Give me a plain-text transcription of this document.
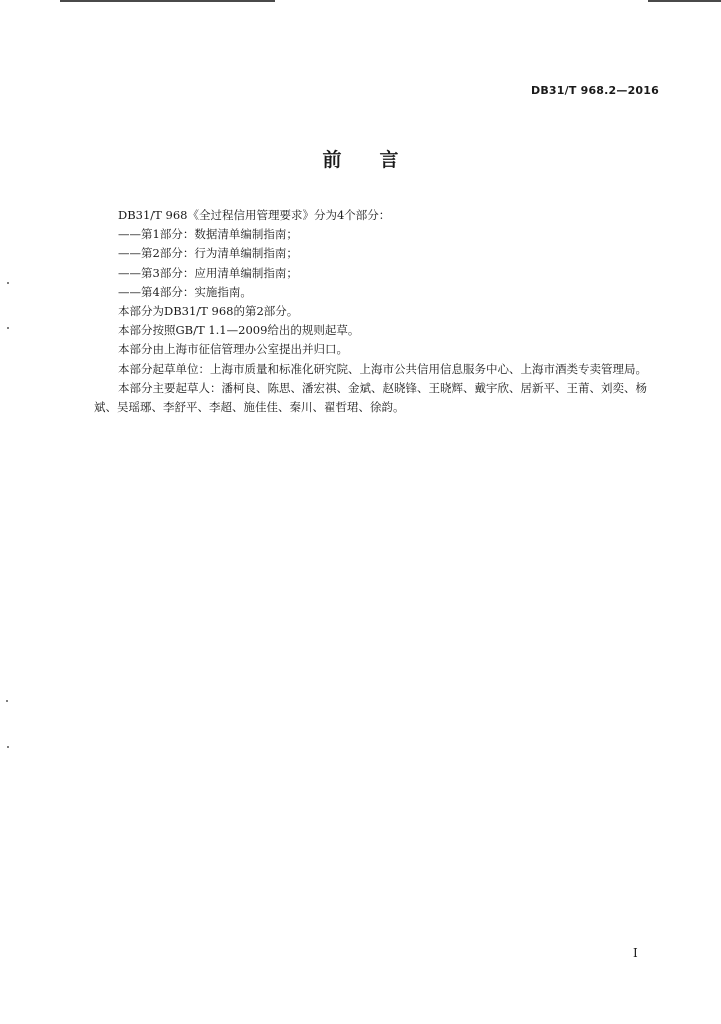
DB31/T 968.2—2016
前言

DB31/T 968《全过程信用管理要求》分为4个部分：

——第1部分：数据清单编制指南；

——第2部分：行为清单编制指南；

——第3部分：应用清单编制指南；

——第4部分：实施指南。

本部分为DB31/T 968的第2部分。

本部分按照GB/T 1.1—2009给出的规则起草。

本部分由上海市征信管理办公室提出并归口。

本部分起草单位：上海市质量和标准化研究院、上海市公共信用信息服务中心、上海市酒类专卖管理局。

本部分主要起草人：潘柯良、陈思、潘宏祺、金斌、赵晓锋、王晓辉、戴宇欣、居新平、王莆、刘奕、杨斌、吴瑶琊、李舒平、李超、施佳佳、秦川、翟哲珺、徐韵。

I
